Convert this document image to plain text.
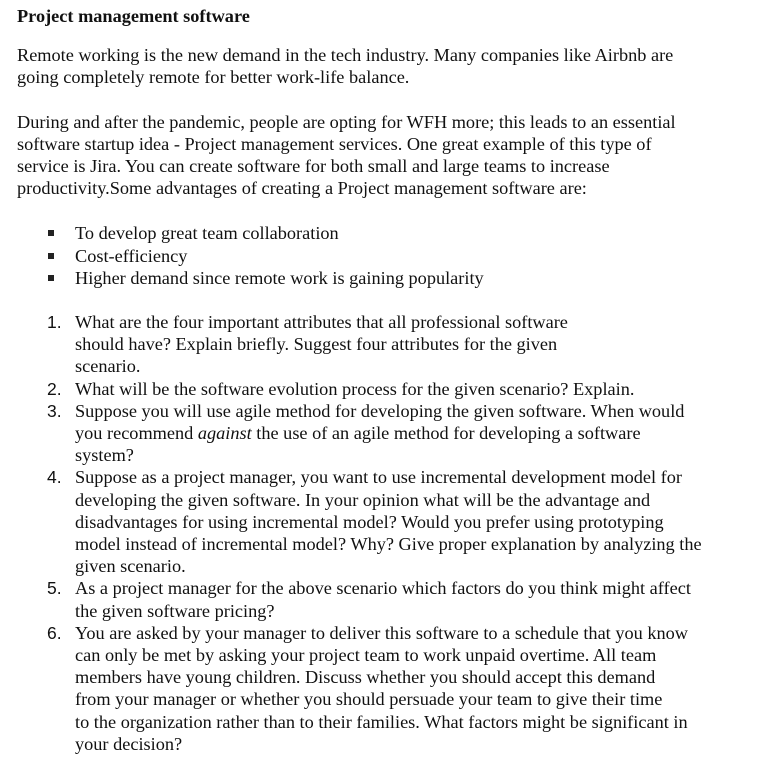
Project management software
Remote working is the new demand in the tech industry. Many companies like Airbnb are
going completely remote for better work-life balance.
During and after the pandemic, people are opting for WFH more; this leads to an essential
software startup idea - Project management services. One great example of this type of
service is Jira. You can create software for both small and large teams to increase
productivity.Some advantages of creating a Project management software are:
To develop great team collaboration
Cost-efficiency
Higher demand since remote work is gaining popularity
1. What are the four important attributes that all professional software
should have? Explain briefly. Suggest four attributes for the given
scenario.
2. What will be the software evolution process for the given scenario? Explain.
3. Suppose you will use agile method for developing the given software. When would
you recommend against the use of an agile method for developing a software
system?
4. Suppose as a project manager, you want to use incremental development model for
developing the given software. In your opinion what will be the advantage and
disadvantages for using incremental model? Would you prefer using prototyping
model instead of incremental model? Why? Give proper explanation by analyzing the
given scenario.
5. As a project manager for the above scenario which factors do you think might affect
the given software pricing?
6. You are asked by your manager to deliver this software to a schedule that you know
can only be met by asking your project team to work unpaid overtime. All team
members have young children. Discuss whether you should accept this demand
from your manager or whether you should persuade your team to give their time
to the organization rather than to their families. What factors might be significant in
your decision?
